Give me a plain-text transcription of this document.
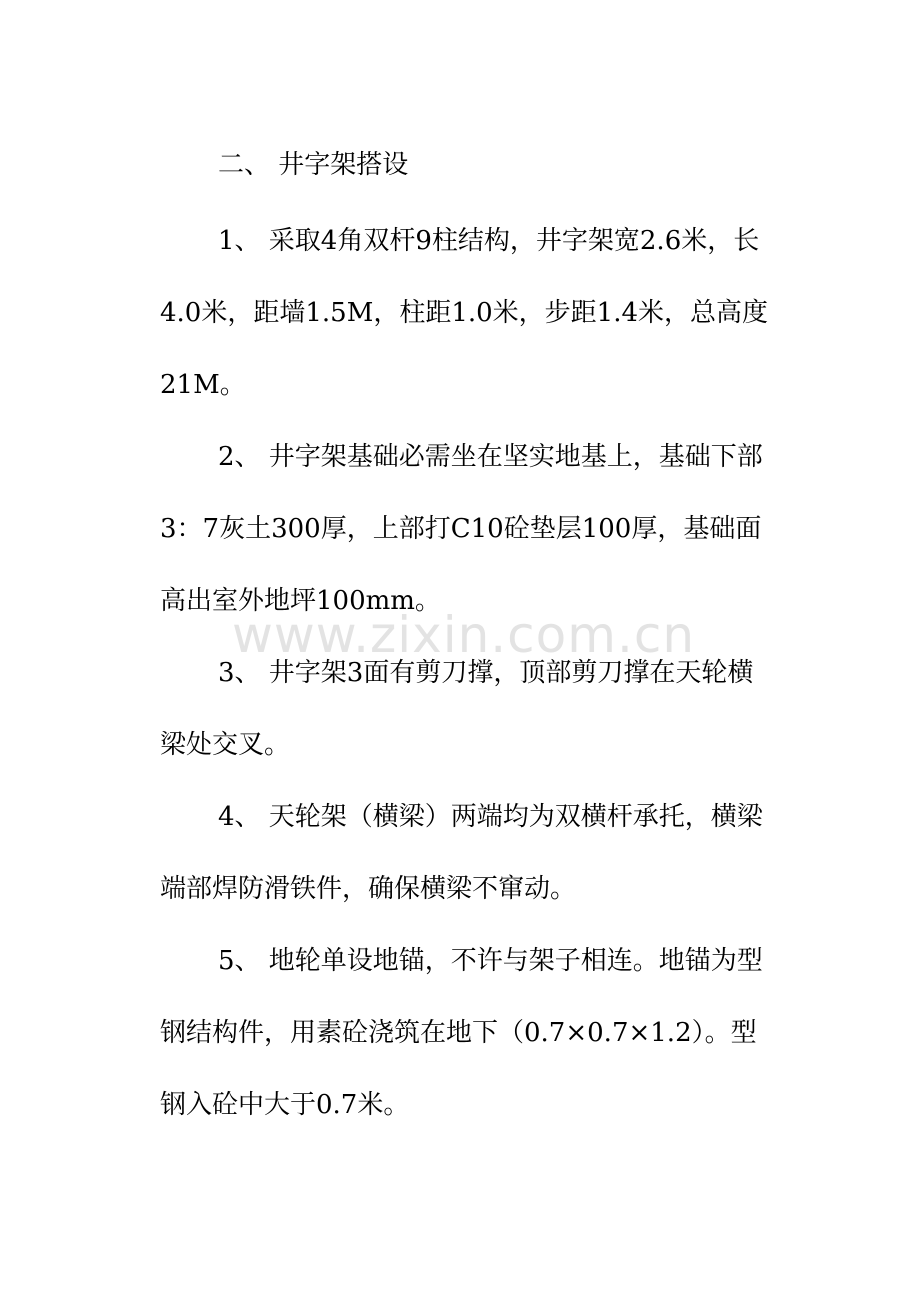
二、 井字架搭设

1、 采取4角双杆9柱结构，井字架宽2.6米，长4.0米，距墙1.5M，柱距1.0米，步距1.4米，总高度21M。

2、 井字架基础必需坐在坚实地基上，基础下部3：7灰土300厚，上部打C10砼垫层100厚，基础面高出室外地坪100mm。

3、 井字架3面有剪刀撑，顶部剪刀撑在天轮横梁处交叉。

4、 天轮架（横梁）两端均为双横杆承托，横梁端部焊防滑铁件，确保横梁不窜动。

5、 地轮单设地锚，不许与架子相连。地锚为型钢结构件，用素砼浇筑在地下（0.7×0.7×1.2）。型钢入砼中大于0.7米。

www.zixin.com.cn
